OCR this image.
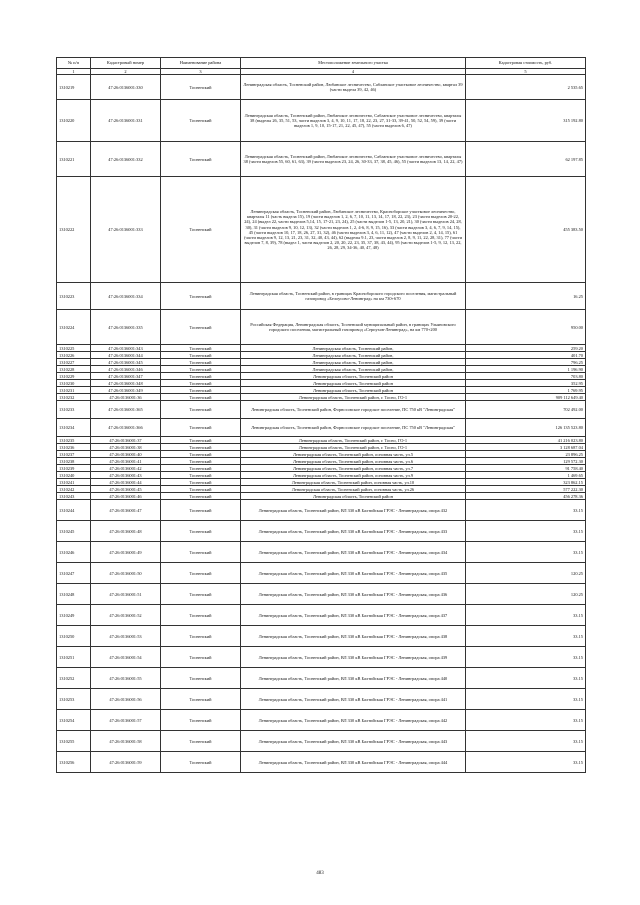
№ п/п	Кадастровый номер	Наименование района	Местоположение земельного участка	Кадастровая стоимость, руб.
1	2	3	4	5
1310219	47:26:0136001:330	Тосненский	Ленинградская область, Тосненский район, Любанское лесничество, Сабланское участковое лесничество, квартал 39 (части выдела 39, 42, 46)	2 535.65
1310220	47:26:0136001:331	Тосненский	Ленинградская область, Тосненский район, Любанское лесничество, Сабланское участковое лесничество, кварталы 38 (выделы 26, 35, 51, 53, части выделов 3, 4, 9, 10, 11, 17, 18, 22, 23, 27, 31-33, 39-41, 50, 52, 54, 59), 39 (части выделов 1, 9, 10, 15-17, 21, 22, 45, 47), 55 (части выделов 6, 47)	315 192.80
1310221	47:26:0136001:332	Тосненский	Ленинградская область, Тосненский район, Любанское лесничество, Сабланское участковое лесничество, кварталы 38 (части выделов 55, 60, 61, 63), 39 (части выделов 23, 24, 26, 30-33, 37, 38, 45, 46), 55 (части выделов 13, 14, 22, 47)	62 197.85
1310222	47:26:0136001:333	Тосненский	Ленинградская область, Тосненский район, Любанское лесничество, Красноборское участковое лесничество, кварталы 11 (часть выдела 15), 19 (части выделов 1, 2, 6, 7, 10, 11, 13, 14, 17, 18, 22, 23), 23 (части выделов 20-22, 24), 24 (выдел 22, части выделов 5,14, 15, 17-21, 23, 24), 25 (части выделов 1-5, 13, 20, 21), 30 (части выделов 24, 28, 30), 31 (части выделов 9, 10, 12, 13), 32 (части выделов 1, 2, 4-6, 8, 9, 15, 16), 33 (части выделов 3, 4, 6, 7, 9, 14, 15), 45 (части выделов 10, 17, 18, 26, 27, 31, 32), 46 (части выделов 3, 4, 6, 11, 12), 47 (части выделов 2, 4, 14, 15), 61 (части выделов 9, 12, 13, 21, 23, 31, 32, 40, 43, 44), 62 (выделы 9.1, 23, части выделов 2, 8, 9, 11, 22, 28, 31), 77 (части выделов 7, 8, 39), 78 (выдел 1, части выделов 2, 20, 20, 22, 23, 35, 37, 38, 43, 44), 95 (части выделов 1-5, 9, 12, 13, 22, 26, 28, 29, 34-36, 40, 47, 48)	455 383.50
1310223	47:26:0136001:334	Тосненский	Ленинградская область, Тосненский район, в границах Красноборского городского поселения, магистральный газопровод «Белоусово-Ленинград» на км 730+670	16.25
1310224	47:26:0136001:335	Тосненский	Российская Федерация, Ленинградская область, Тосненский муниципальный район, в границах Ульяновского городского поселения, магистральный газопровод «Серпухов-Ленинград», на км 770+200	950.00
1310225	47:26:0136001:343	Тосненский	Ленинградская область, Тосненский район,	259.20
1310226	47:26:0136001:344	Тосненский	Ленинградская область, Тосненский район,	401.70
1310227	47:26:0136001:345	Тосненский	Ленинградская область, Тосненский район,	796.25
1310228	47:26:0136001:346	Тосненский	Ленинградская область, Тосненский район,	1 196.90
1310229	47:26:0136001:347	Тосненский	Ленинградская область, Тосненский район	703.80
1310230	47:26:0136001:348	Тосненский	Ленинградская область, Тосненский район	352.95
1310231	47:26:0136001:349	Тосненский	Ленинградская область, Тосненский район	1 769.95
1310232	47:26:0136001:36	Тосненский	Ленинградская область, Тосненский район, г. Тосно, ГО-1	909 112 649.40
1310233	47:26:0136001:365	Тосненский	Ленинградская область, Тосненский район, Форносовское городское поселение, ПС 750 кВ "Ленинградская"	702 492.00
1310234	47:26:0136001:366	Тосненский	Ленинградская область, Тосненский район, Форносовское городское поселение, ПС 750 кВ "Ленинградская"	126 135 523.80
1310235	47:26:0136001:37	Тосненский	Ленинградская область, Тосненский район, г. Тосно, ГО-1	41 216 023.80
1310236	47:26:0136001:38	Тосненский	Ленинградская область, Тосненский район, г. Тосно, ГО-1	3 128 687.04
1310237	47:26:0136001:40	Тосненский	Ленинградская область, Тосненский район, основная часть, ул.5	23 896.25
1310238	47:26:0136001:41	Тосненский	Ленинградская область, Тосненский район, основная часть, ул.6	129 572.30
1310239	47:26:0136001:42	Тосненский	Ленинградская область, Тосненский район, основная часть, ул.7	91 758.40
1310240	47:26:0136001:43	Тосненский	Ленинградская область, Тосненский район, основная часть, ул.9	1 469.65
1310241	47:26:0136001:44	Тосненский	Ленинградская область, Тосненский район, основная часть, ул.10	323 862.15
1310242	47:26:0136001:45	Тосненский	Ленинградская область, Тосненский район, основная часть, ул.26	577 222.30
1310243	47:26:0136001:46	Тосненский	Ленинградская область, Тосненский район	456 278.36
1310244	47:26:0136001:47	Тосненский	Ленинградская область, Тосненский район, ВЛ 330 кВ Балтийская ГРЭС - Ленинградская, опора 432	33.15
1310245	47:26:0136001:48	Тосненский	Ленинградская область, Тосненский район, ВЛ 330 кВ Балтийская ГРЭС - Ленинградская, опора 433	33.15
1310246	47:26:0136001:49	Тосненский	Ленинградская область, Тосненский район, ВЛ 330 кВ Балтийская ГРЭС - Ленинградская, опора 434	33.15
1310247	47:26:0136001:50	Тосненский	Ленинградская область, Тосненский район, ВЛ 330 кВ Балтийская ГРЭС - Ленинградская, опора 435	120.25
1310248	47:26:0136001:51	Тосненский	Ленинградская область, Тосненский район, ВЛ 330 кВ Балтийская ГРЭС - Ленинградская, опора 436	120.25
1310249	47:26:0136001:52	Тосненский	Ленинградская область, Тосненский район, ВЛ 330 кВ Балтийская ГРЭС - Ленинградская, опора 437	33.15
1310250	47:26:0136001:53	Тосненский	Ленинградская область, Тосненский район, ВЛ 330 кВ Балтийская ГРЭС - Ленинградская, опора 438	33.15
1310251	47:26:0136001:54	Тосненский	Ленинградская область, Тосненский район, ВЛ 330 кВ Балтийская ГРЭС - Ленинградская, опора 439	33.15
1310252	47:26:0136001:55	Тосненский	Ленинградская область, Тосненский район, ВЛ 330 кВ Балтийская ГРЭС - Ленинградская, опора 440	33.15
1310253	47:26:0136001:56	Тосненский	Ленинградская область, Тосненский район, ВЛ 330 кВ Балтийская ГРЭС - Ленинградская, опора 441	33.15
1310254	47:26:0136001:57	Тосненский	Ленинградская область, Тосненский район, ВЛ 330 кВ Балтийская ГРЭС - Ленинградская, опора 442	33.15
1310255	47:26:0136001:58	Тосненский	Ленинградская область, Тосненский район, ВЛ 330 кВ Балтийская ГРЭС - Ленинградская, опора 443	33.15
1310256	47:26:0136001:59	Тосненский	Ленинградская область, Тосненский район, ВЛ 330 кВ Балтийская ГРЭС - Ленинградская, опора 444	33.15
483
